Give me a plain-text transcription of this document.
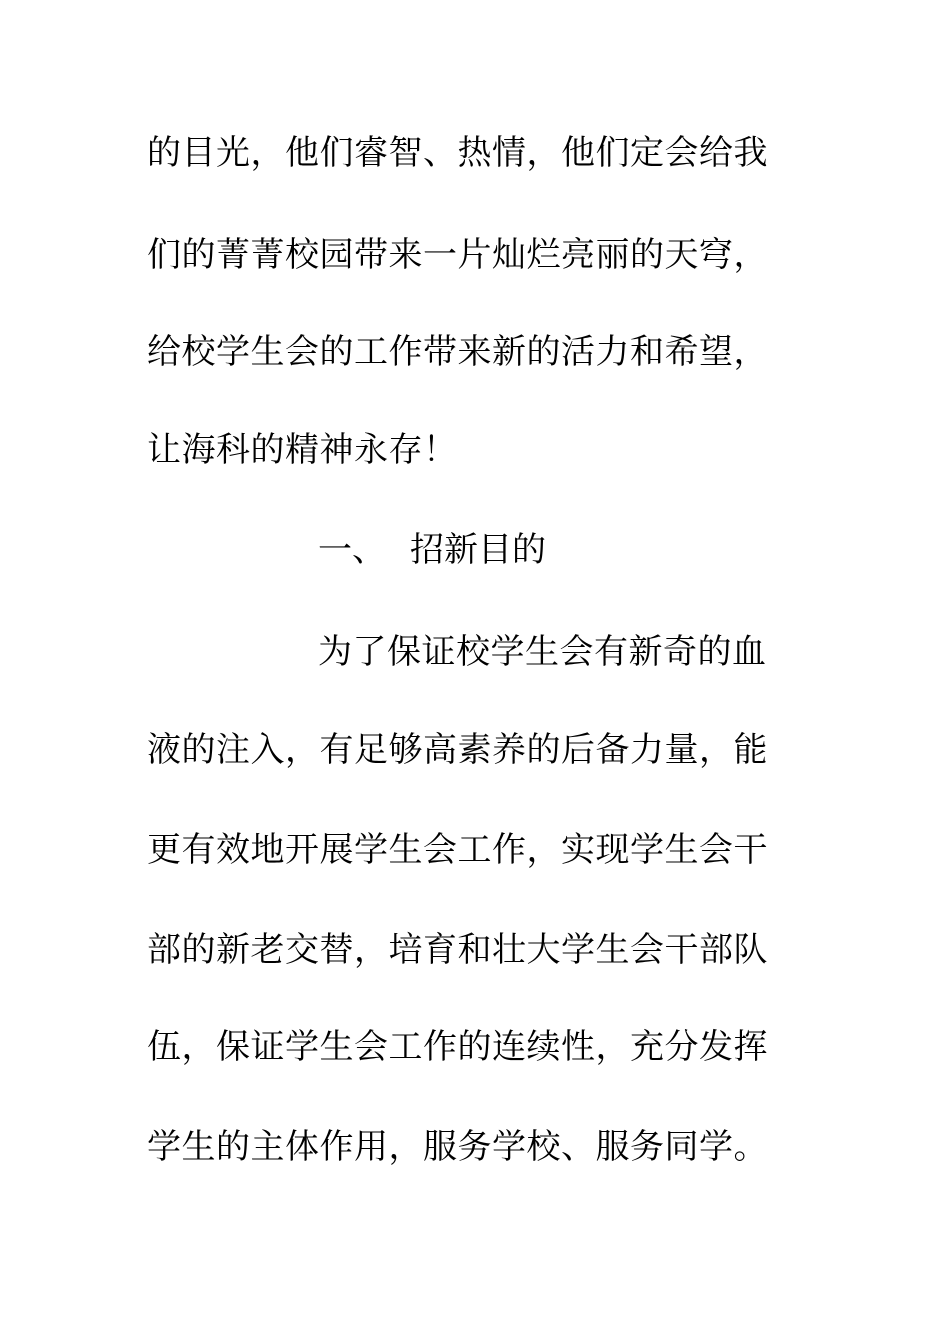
的目光，他们睿智、热情，他们定会给我
们的菁菁校园带来一片灿烂亮丽的天穹，
给校学生会的工作带来新的活力和希望，
让海科的精神永存！
一、 招新目的
为了保证校学生会有新奇的血
液的注入，有足够高素养的后备力量，能
更有效地开展学生会工作，实现学生会干
部的新老交替，培育和壮大学生会干部队
伍，保证学生会工作的连续性，充分发挥
学生的主体作用，服务学校、服务同学。
